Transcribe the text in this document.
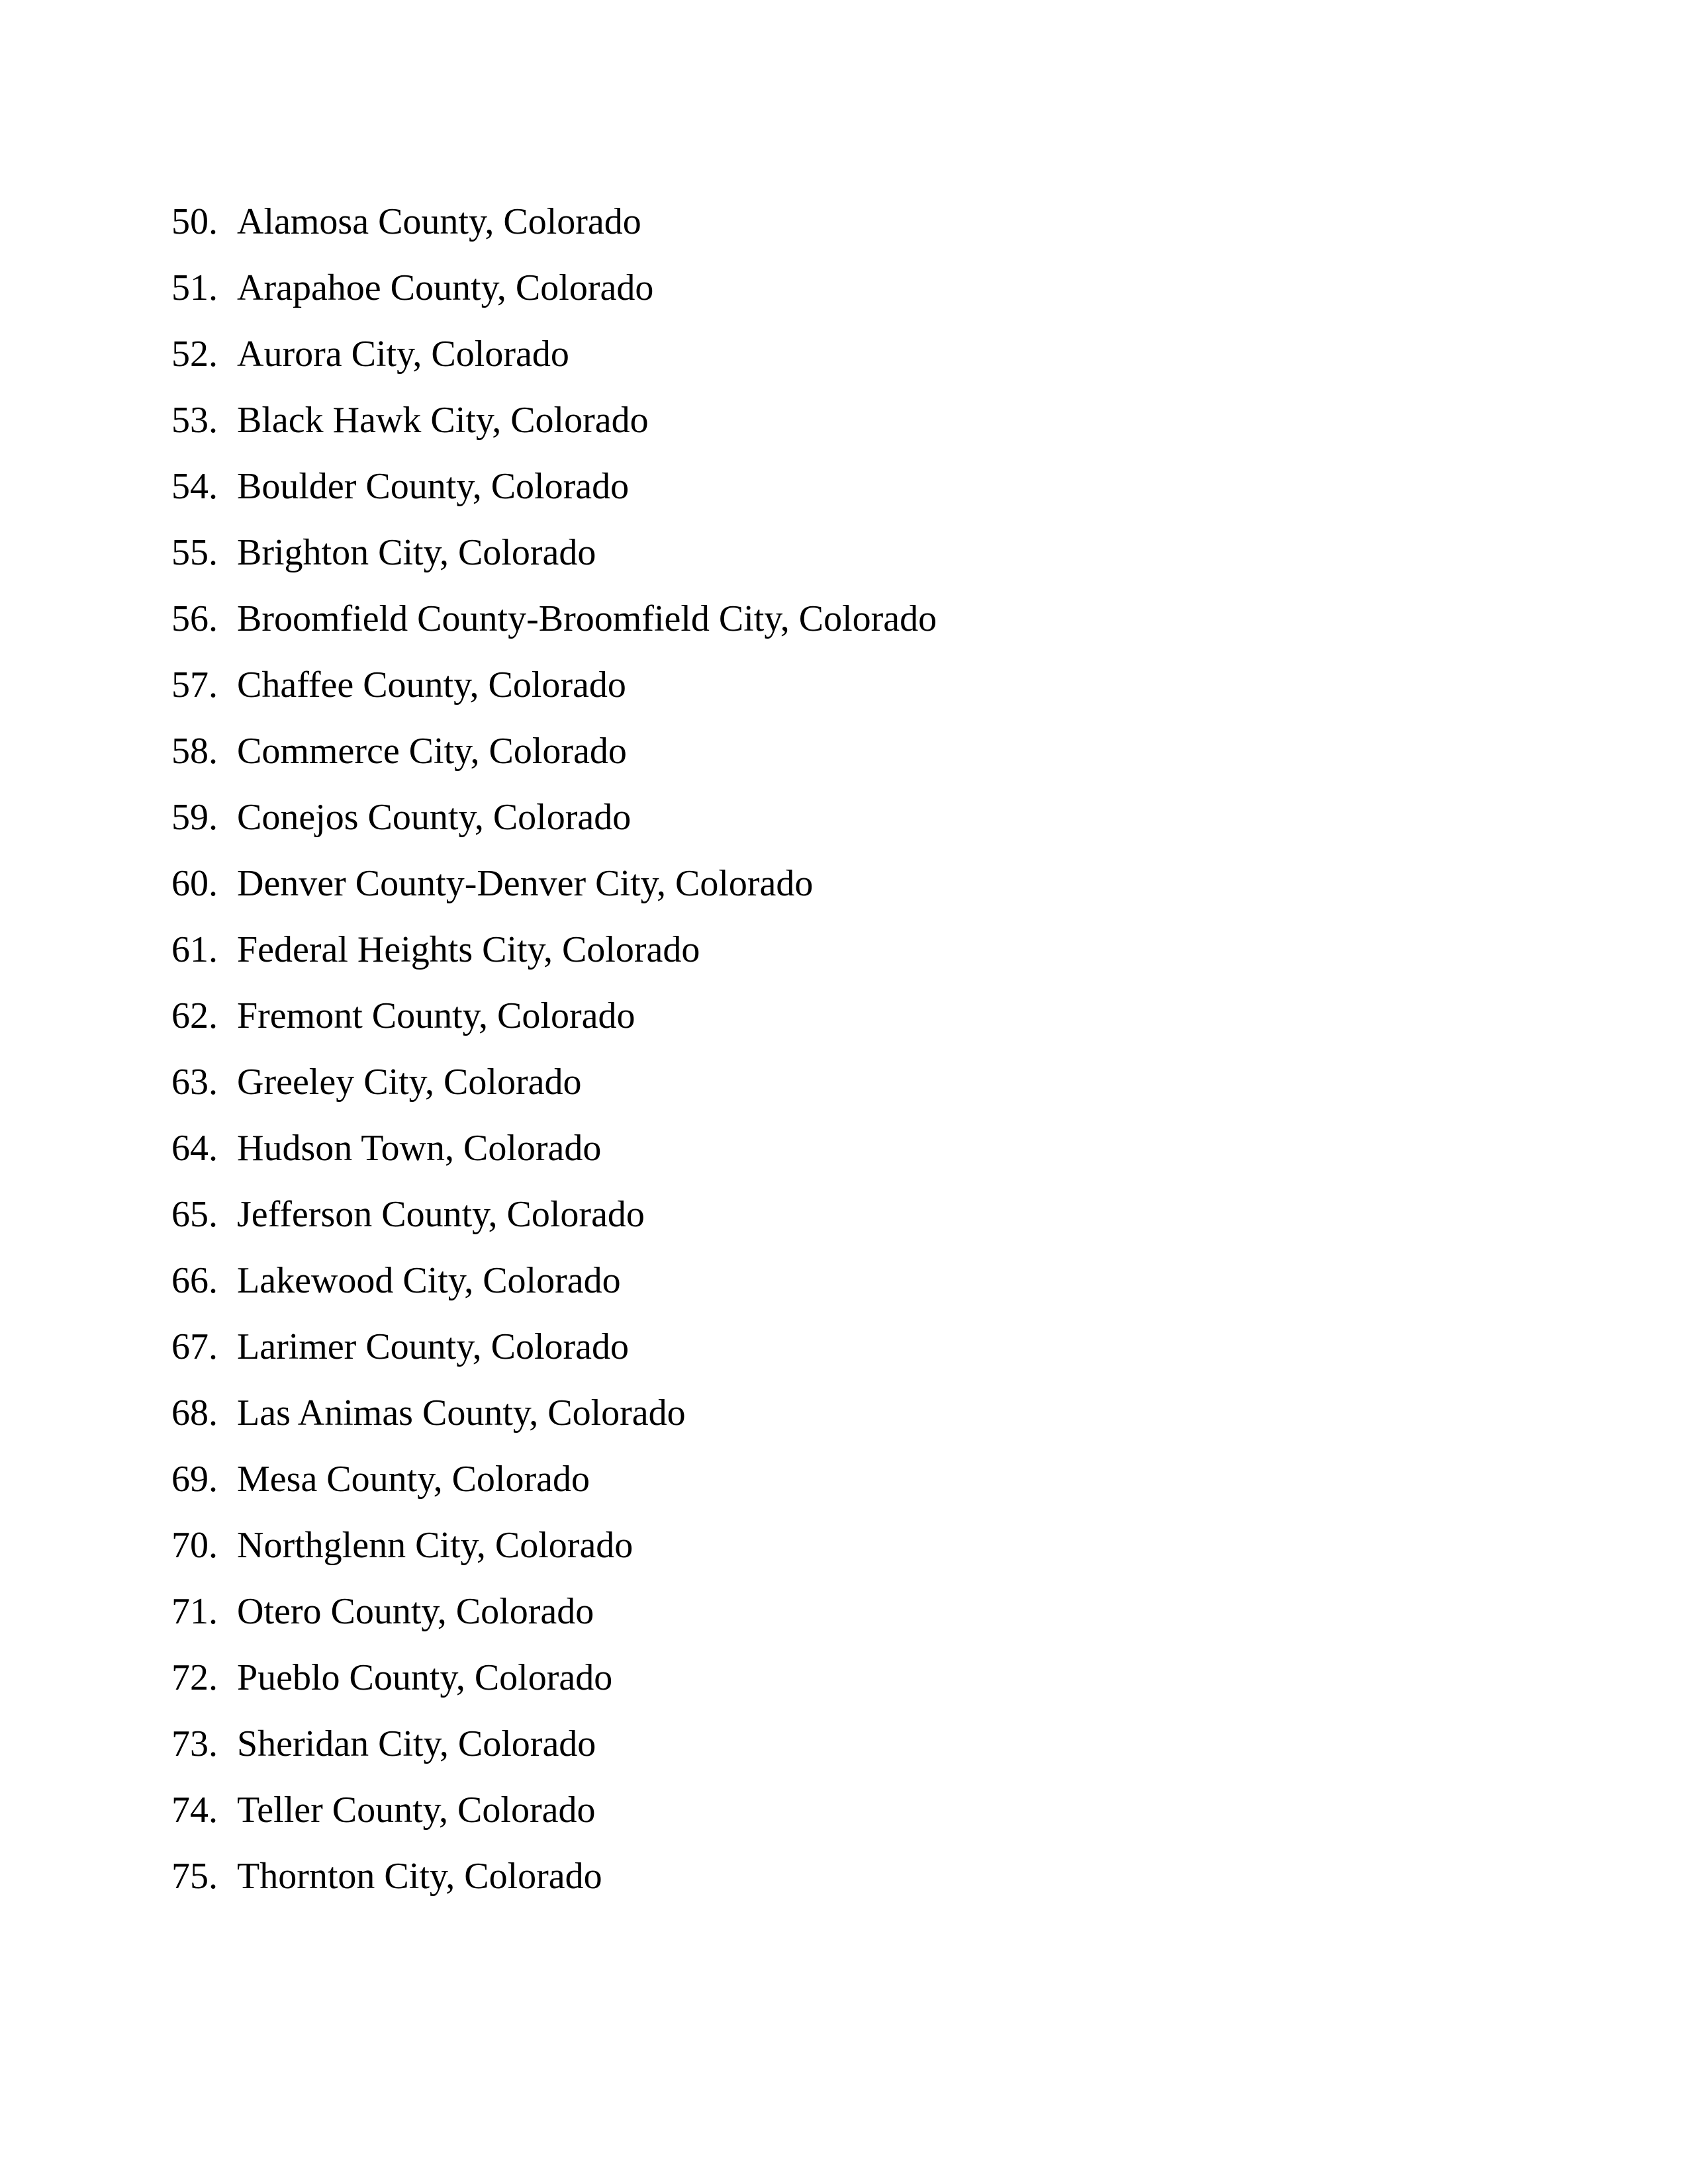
50. Alamosa County, Colorado
51. Arapahoe County, Colorado
52. Aurora City, Colorado
53. Black Hawk City, Colorado
54. Boulder County, Colorado
55. Brighton City, Colorado
56. Broomfield County-Broomfield City, Colorado
57. Chaffee County, Colorado
58. Commerce City, Colorado
59. Conejos County, Colorado
60. Denver County-Denver City, Colorado
61. Federal Heights City, Colorado
62. Fremont County, Colorado
63. Greeley City, Colorado
64. Hudson Town, Colorado
65. Jefferson County, Colorado
66. Lakewood City, Colorado
67. Larimer County, Colorado
68. Las Animas County, Colorado
69. Mesa County, Colorado
70. Northglenn City, Colorado
71. Otero County, Colorado
72. Pueblo County, Colorado
73. Sheridan City, Colorado
74. Teller County, Colorado
75. Thornton City, Colorado
